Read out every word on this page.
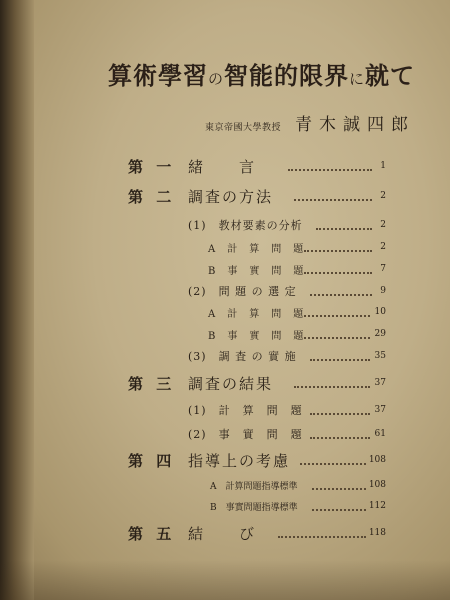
算術學習の智能的限界に就て
東京帝國大學教授 青木誠四郎
第 一 緒　　言	1
第 二 調査の方法	2
(1)　教材要素の分析	2
A　計　算　問　題	2
B　事　實　問　題	7
(2)　問 題 の 選 定	9
A　計　算　問　題	10
B　事　實　問　題	29
(3)　調 査 の 實 施	35
第 三 調査の結果	37
(1)　計　算　問　題	37
(2)　事　實　問　題	61
第 四 指導上の考慮	108
A　計算問題指導標準	108
B　事實問題指導標準	112
第 五 結　　び	118
